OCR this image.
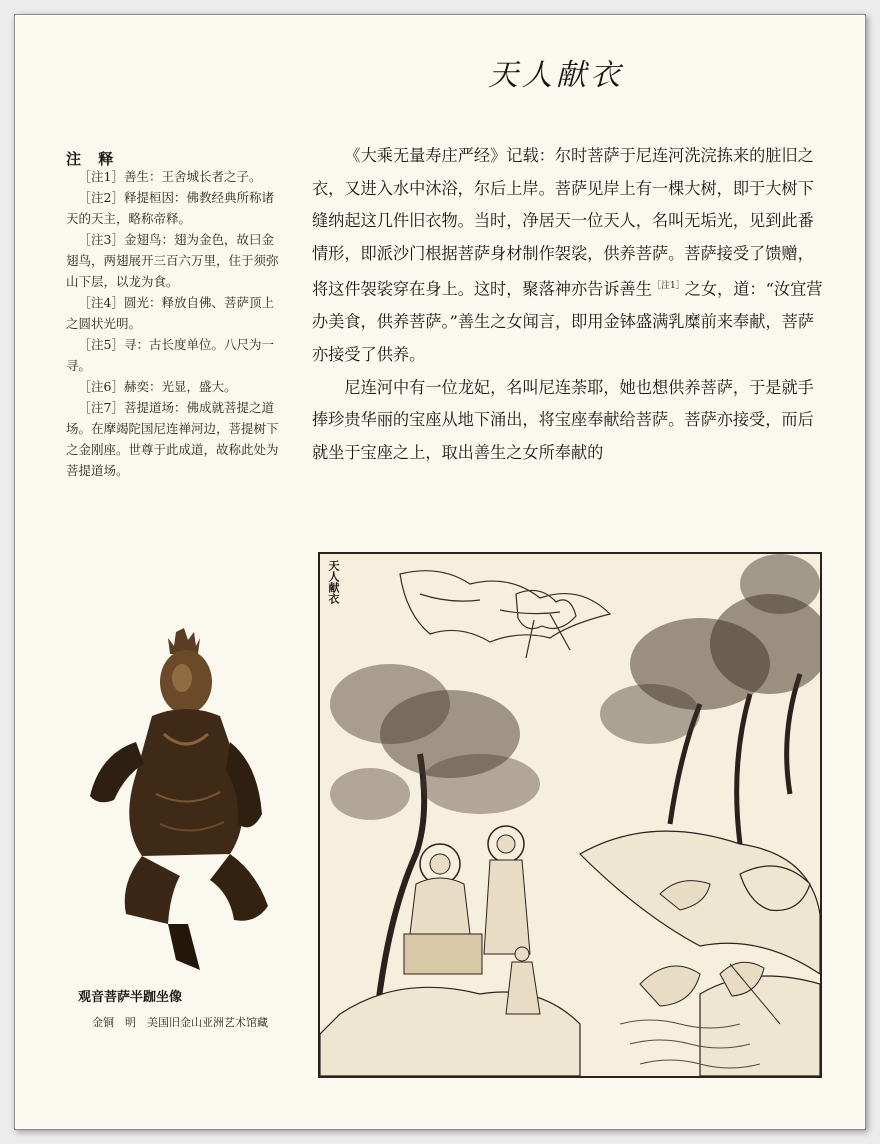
天人献衣
注 释

［注1］善生：王舍城长者之子。

［注2］释提桓因：佛教经典所称诸天的天主，略称帝释。

［注3］金翅鸟：翅为金色，故曰金翅鸟，两翅展开三百六万里，住于须弥山下层，以龙为食。

［注4］圆光：释放自佛、菩萨顶上之圆状光明。

［注5］寻：古长度单位。八尺为一寻。

［注6］赫奕：光显，盛大。

［注7］菩提道场：佛成就菩提之道场。在摩竭陀国尼连禅河边，菩提树下之金刚座。世尊于此成道，故称此处为菩提道场。

《大乘无量寿庄严经》记载：尔时菩萨于尼连河洗浣拣来的脏旧之衣，又进入水中沐浴，尔后上岸。菩萨见岸上有一棵大树，即于大树下缝纳起这几件旧衣物。当时，净居天一位天人，名叫无垢光，见到此番情形，即派沙门根据菩萨身材制作袈裟，供养菩萨。菩萨接受了馈赠，将这件袈裟穿在身上。这时，聚落神亦告诉善生$^{[注1]}$之女，道：“汝宜营办美食，供养菩萨。”善生之女闻言，即用金钵盛满乳糜前来奉献，菩萨亦接受了供养。

尼连河中有一位龙妃，名叫尼连荼耶，她也想供养菩萨，于是就手捧珍贵华丽的宝座从地下涌出，将宝座奉献给菩萨。菩萨亦接受，而后就坐于宝座之上，取出善生之女所奉献的

观音菩萨半跏坐像
金铜　明　美国旧金山亚洲艺术馆藏
天人献衣
